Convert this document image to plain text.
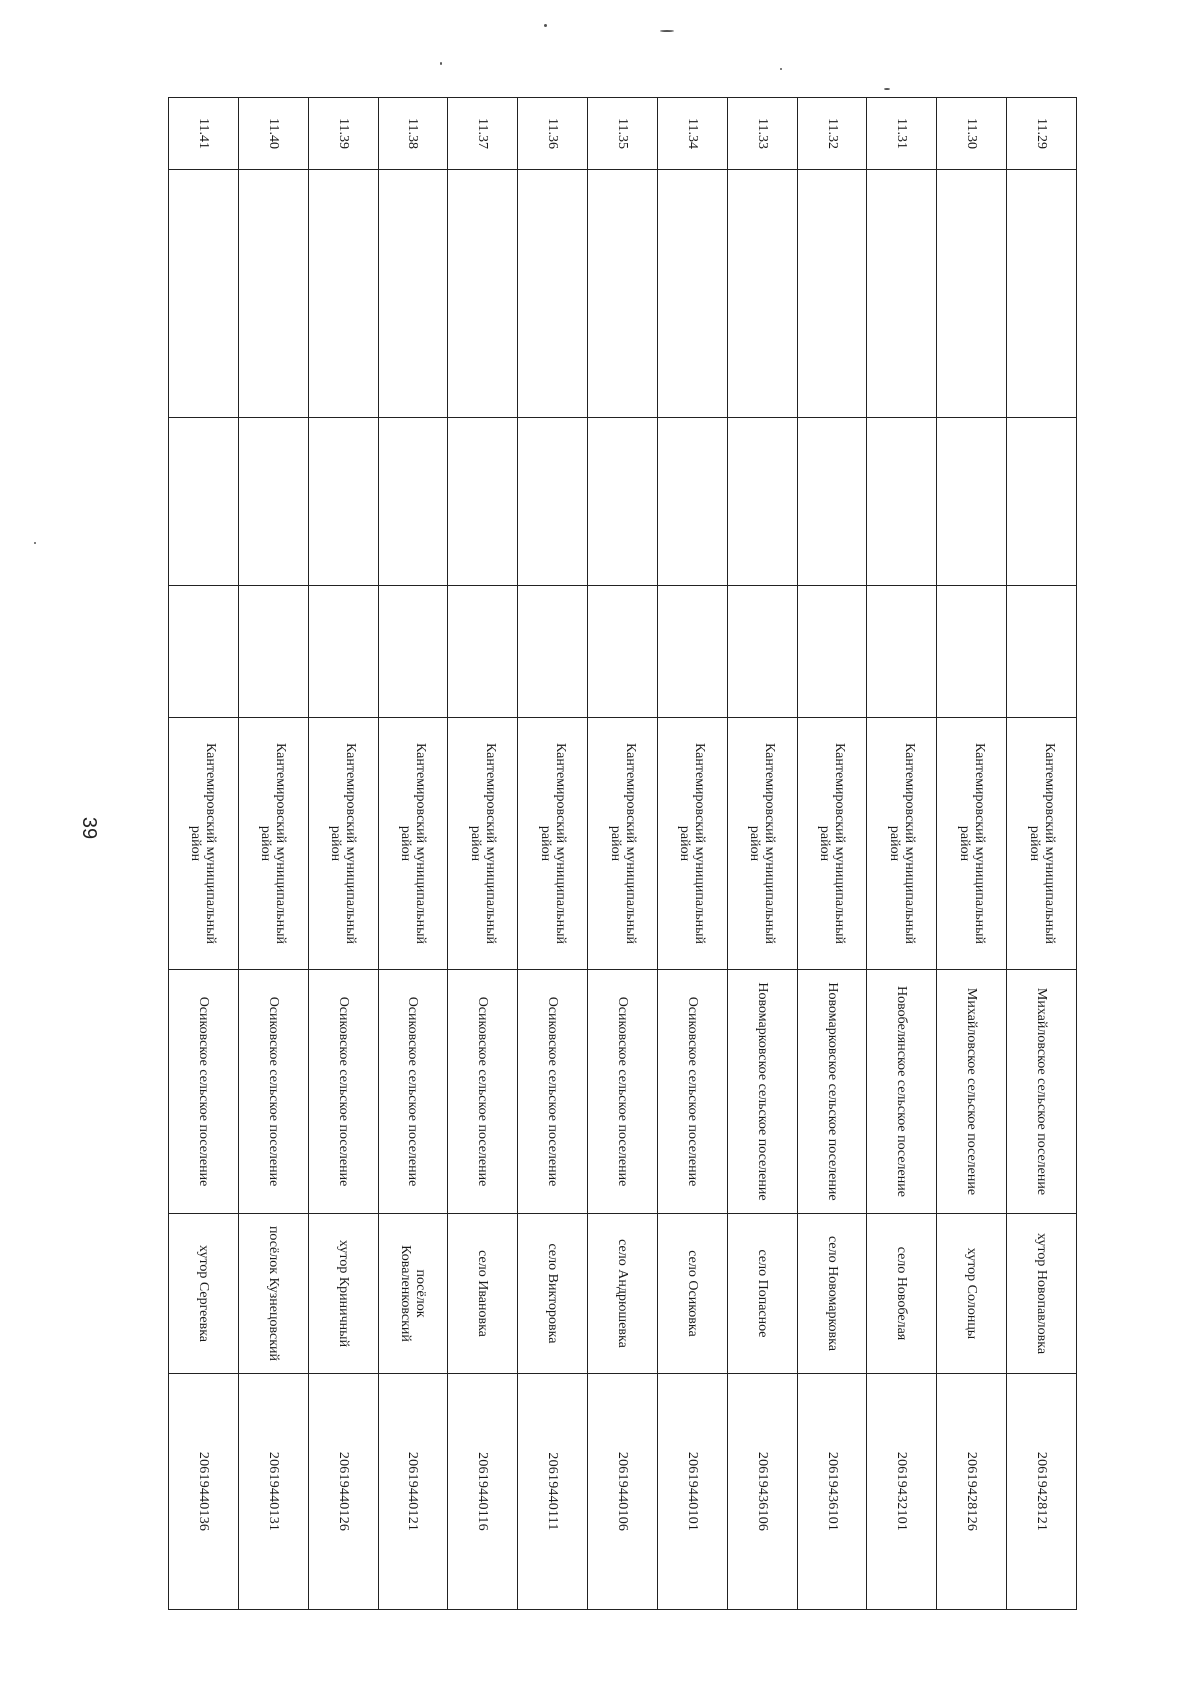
39
11.29				Кантемировский муниципальный район	Михайловское сельское поселение	хутор Новопавловка	20619428121
11.30				Кантемировский муниципальный район	Михайловское сельское поселение	хутор Солонцы	20619428126
11.31				Кантемировский муниципальный район	Новобелянское сельское поселение	село Новобелая	20619432101
11.32				Кантемировский муниципальный район	Новомарковское сельское поселение	село Новомарковка	20619436101
11.33				Кантемировский муниципальный район	Новомарковское сельское поселение	село Попасное	20619436106
11.34				Кантемировский муниципальный район	Осиковское сельское поселение	село Осиковка	20619440101
11.35				Кантемировский муниципальный район	Осиковское сельское поселение	село Андрюшевка	20619440106
11.36				Кантемировский муниципальный район	Осиковское сельское поселение	село Викторовка	20619440111
11.37				Кантемировский муниципальный район	Осиковское сельское поселение	село Ивановка	20619440116
11.38				Кантемировский муниципальный район	Осиковское сельское поселение	посёлок Коваленковский	20619440121
11.39				Кантемировский муниципальный район	Осиковское сельское поселение	хутор Криничный	20619440126
11.40				Кантемировский муниципальный район	Осиковское сельское поселение	посёлок Кузнецовский	20619440131
11.41				Кантемировский муниципальный район	Осиковское сельское поселение	хутор Сергеевка	20619440136
